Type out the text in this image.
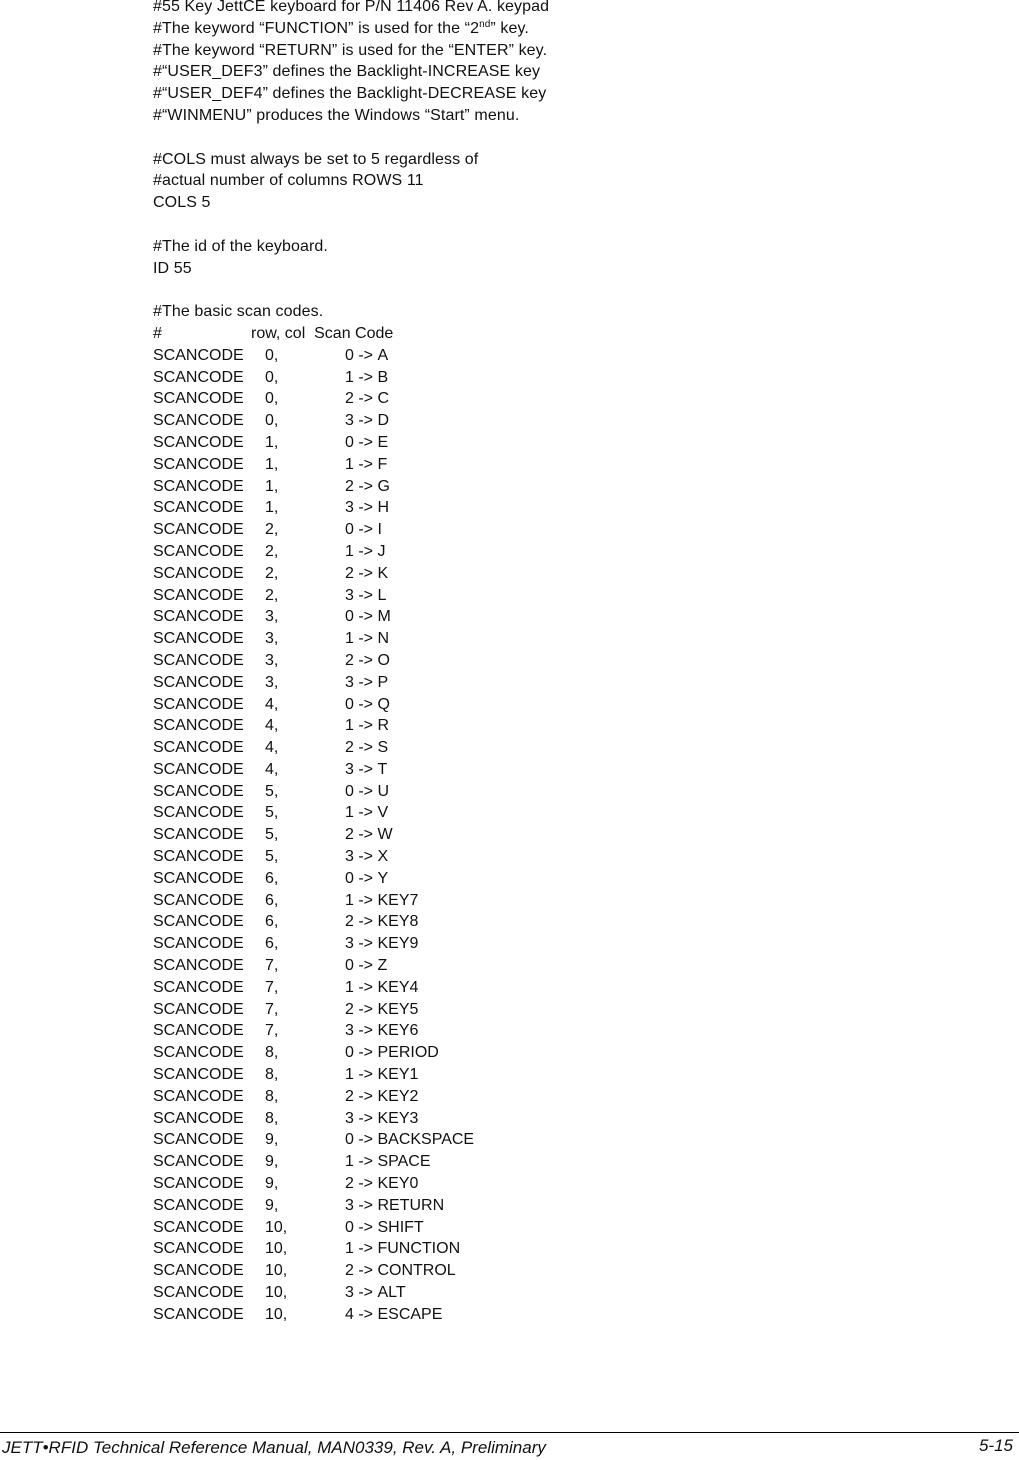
#55 Key JettCE keyboard for P/N 11406 Rev A. keypad
#The keyword “FUNCTION” is used for the “2nd” key.
#The keyword “RETURN” is used for the “ENTER” key.
#“USER_DEF3” defines the Backlight-INCREASE key
#“USER_DEF4” defines the Backlight-DECREASE key
#“WINMENU” produces the Windows “Start” menu.
#COLS must always be set to 5 regardless of
#actual number of columns ROWS 11
COLS 5
#The id of the keyboard.
ID 55
#The basic scan codes.
#	row, col  Scan Code
SCANCODE	0,	0 -> A
SCANCODE	0,	1 -> B
SCANCODE	0,	2 -> C
SCANCODE	0,	3 -> D
SCANCODE	1,	0 -> E
SCANCODE	1,	1 -> F
SCANCODE	1,	2 -> G
SCANCODE	1,	3 -> H
SCANCODE	2,	0 -> I
SCANCODE	2,	1 -> J
SCANCODE	2,	2 -> K
SCANCODE	2,	3 -> L
SCANCODE	3,	0 -> M
SCANCODE	3,	1 -> N
SCANCODE	3,	2 -> O
SCANCODE	3,	3 -> P
SCANCODE	4,	0 -> Q
SCANCODE	4,	1 -> R
SCANCODE	4,	2 -> S
SCANCODE	4,	3 -> T
SCANCODE	5,	0 -> U
SCANCODE	5,	1 -> V
SCANCODE	5,	2 -> W
SCANCODE	5,	3 -> X
SCANCODE	6,	0 -> Y
SCANCODE	6,	1 -> KEY7
SCANCODE	6,	2 -> KEY8
SCANCODE	6,	3 -> KEY9
SCANCODE	7,	0 -> Z
SCANCODE	7,	1 -> KEY4
SCANCODE	7,	2 -> KEY5
SCANCODE	7,	3 -> KEY6
SCANCODE	8,	0 -> PERIOD
SCANCODE	8,	1 -> KEY1
SCANCODE	8,	2 -> KEY2
SCANCODE	8,	3 -> KEY3
SCANCODE	9,	0 -> BACKSPACE
SCANCODE	9,	1 -> SPACE
SCANCODE	9,	2 -> KEY0
SCANCODE	9,	3 -> RETURN
SCANCODE	10,	0 -> SHIFT
SCANCODE	10,	1 -> FUNCTION
SCANCODE	10,	2 -> CONTROL
SCANCODE	10,	3 -> ALT
SCANCODE	10,	4 -> ESCAPE
JETT•RFID Technical Reference Manual, MAN0339, Rev. A, Preliminary	5-15
